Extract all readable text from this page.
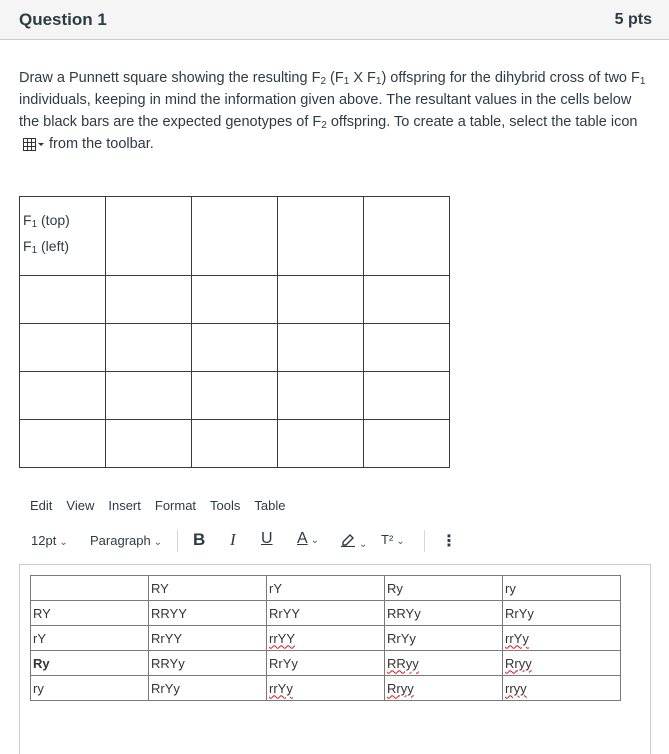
Question 1	5 pts
Draw a Punnett square showing the resulting $F_2$ ($F_1$ X $F_1$) offspring for the dihybrid cross of two $F_1$ individuals, keeping in mind the information given above. The resultant values in the cells below the black bars are the expected genotypes of $F_2$ offspring. To create a table, select the table icon from the toolbar.
$F_1$ (top)
$F_1$ (left)				

Edit View Insert Format Tools Table
12pt ⌄ Paragraph ⌄ B I U A ⌄	⌄ T² ⌄ ⋮
	RY	rY	Ry	ry
RY	RRYY	RrYY	RRYy	RrYy
rY	RrYY	rrYY	RrYy	rrYy
Ry	RRYy	RrYy	RRyy	Rryy
ry	RrYy	rrYy	Rryy	rryy
